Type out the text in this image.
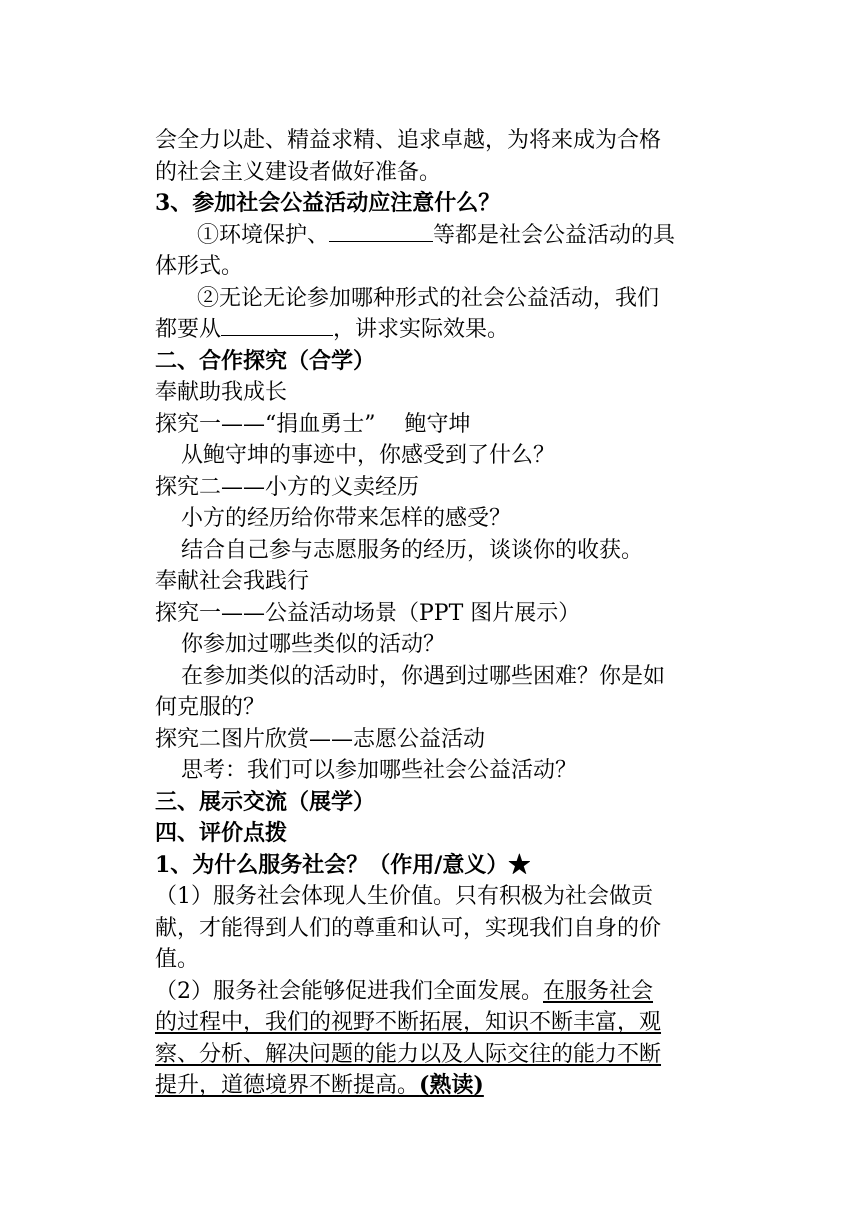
会全力以赴、精益求精、追求卓越，为将来成为合格
的社会主义建设者做好准备。
3、参加社会公益活动应注意什么？
①环境保护、	等都是社会公益活动的具
体形式。
②无论无论参加哪种形式的社会公益活动，我们
都要从	，讲求实际效果。
二、合作探究（合学）
奉献助我成长
探究一——“捐血勇士”　 鲍守坤
从鲍守坤的事迹中，你感受到了什么？
探究二——小方的义卖经历
小方的经历给你带来怎样的感受？
结合自己参与志愿服务的经历，谈谈你的收获。
奉献社会我践行
探究一——公益活动场景（PPT 图片展示）
你参加过哪些类似的活动？
在参加类似的活动时，你遇到过哪些困难？你是如
何克服的？
探究二图片欣赏——志愿公益活动
思考：我们可以参加哪些社会公益活动？
三、展示交流（展学）
四、评价点拨
1、为什么服务社会？（作用/意义）★
（1）服务社会体现人生价值。只有积极为社会做贡
献，才能得到人们的尊重和认可，实现我们自身的价
值。
（2）服务社会能够促进我们全面发展。在服务社会
的过程中，我们的视野不断拓展，知识不断丰富，观
察、分析、解决问题的能力以及人际交往的能力不断
提升，道德境界不断提高。(熟读)
